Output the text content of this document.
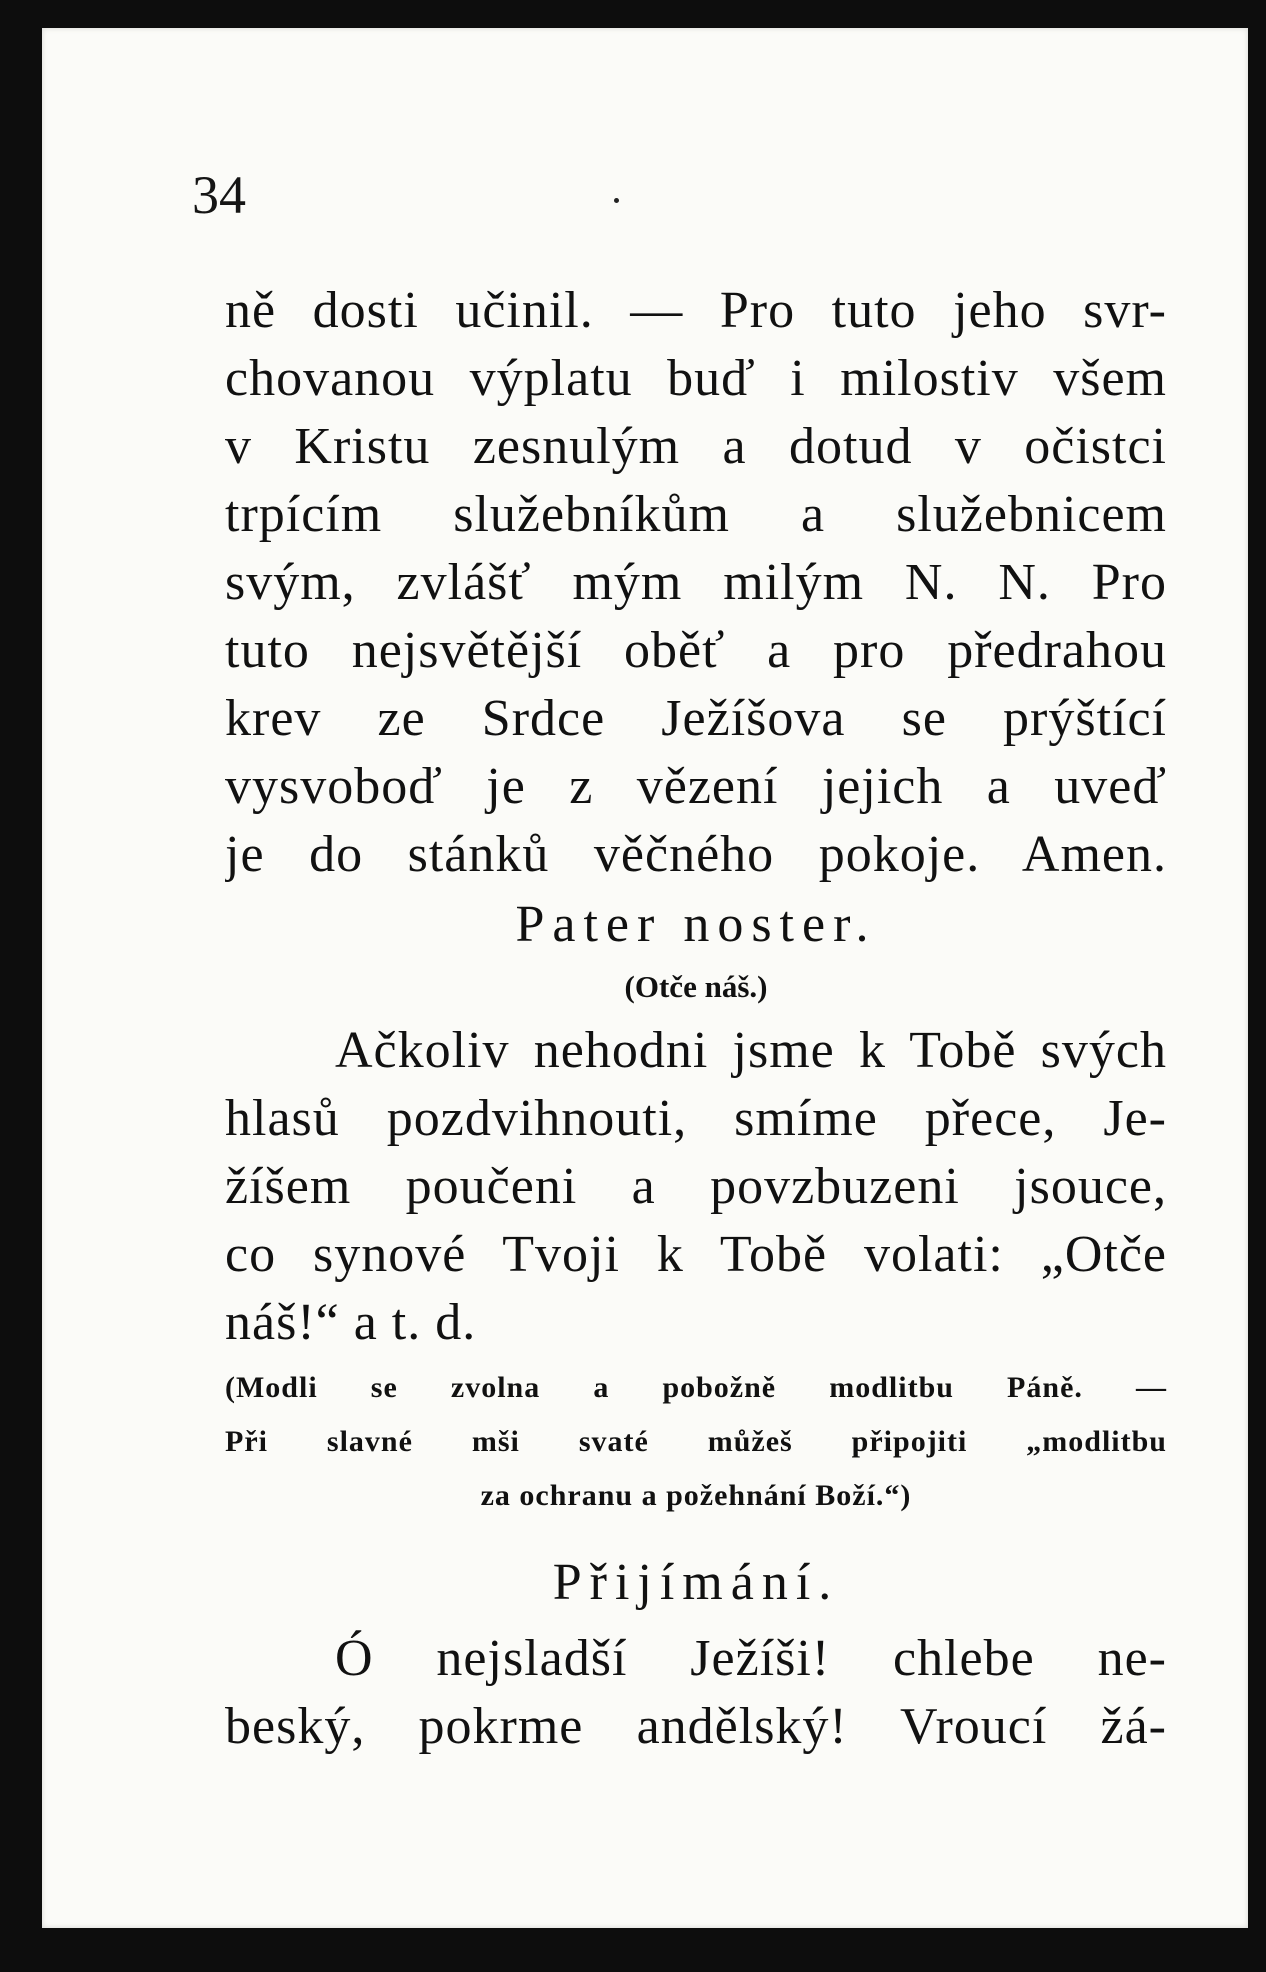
34
ně dosti učinil. — Pro tuto jeho svr-
chovanou výplatu buď i milostiv všem
v Kristu zesnulým a dotud v očistci
trpícím služebníkům a služebnicem
svým, zvlášť mým milým N. N. Pro
tuto nejsvětější oběť a pro předrahou
krev ze Srdce Ježíšova se prýštící
vysvoboď je z vězení jejich a uveď
je do stánků věčného pokoje. Amen.
Pater noster.
(Otče náš.)
Ačkoliv nehodni jsme k Tobě svých
hlasů pozdvihnouti, smíme přece, Je-
žíšem poučeni a povzbuzeni jsouce,
co synové Tvoji k Tobě volati: „Otče
náš!“ a t. d.
(Modli se zvolna a pobožně modlitbu Páně. —
Při slavné mši svaté můžeš připojiti „modlitbu
za ochranu a požehnání Boží.“)
Přijímání.
Ó nejsladší Ježíši! chlebe ne-
beský, pokrme andělský! Vroucí žá-
